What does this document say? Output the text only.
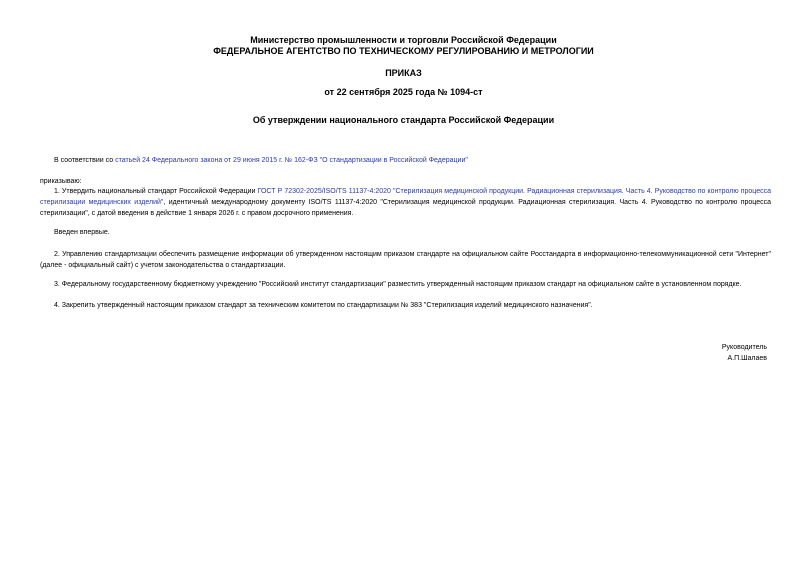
Министерство промышленности и торговли Российской Федерации
ФЕДЕРАЛЬНОЕ АГЕНТСТВО ПО ТЕХНИЧЕСКОМУ РЕГУЛИРОВАНИЮ И МЕТРОЛОГИИ
ПРИКАЗ
от 22 сентября 2025 года № 1094-ст
Об утверждении национального стандарта Российской Федерации

В соответствии со статьей 24 Федерального закона от 29 июня 2015 г. № 162-ФЗ "О стандартизации в Российской Федерации"

приказываю:

1. Утвердить национальный стандарт Российской Федерации ГОСТ Р 72302-2025/ISO/TS 11137-4:2020 "Стерилизация медицинской продукции. Радиационная стерилизация. Часть 4. Руководство по контролю процесса стерилизации медицинских изделий", идентичный международному документу ISO/TS 11137-4:2020 "Стерилизация медицинской продукции. Радиационная стерилизация. Часть 4. Руководство по контролю процесса стерилизации", с датой введения в действие 1 января 2026 г. с правом досрочного применения.

Введен впервые.

2. Управлению стандартизации обеспечить размещение информации об утвержденном настоящим приказом стандарте на официальном сайте Росстандарта в информационно-телекоммуникационной сети "Интернет" (далее - официальный сайт) с учетом законодательства о стандартизации.

3. Федеральному государственному бюджетному учреждению "Российский институт стандартизации" разместить утвержденный настоящим приказом стандарт на официальном сайте в установленном порядке.

4. Закрепить утвержденный настоящим приказом стандарт за техническим комитетом по стандартизации № 383 "Стерилизация изделий медицинского назначения".

Руководитель
А.П.Шалаев
